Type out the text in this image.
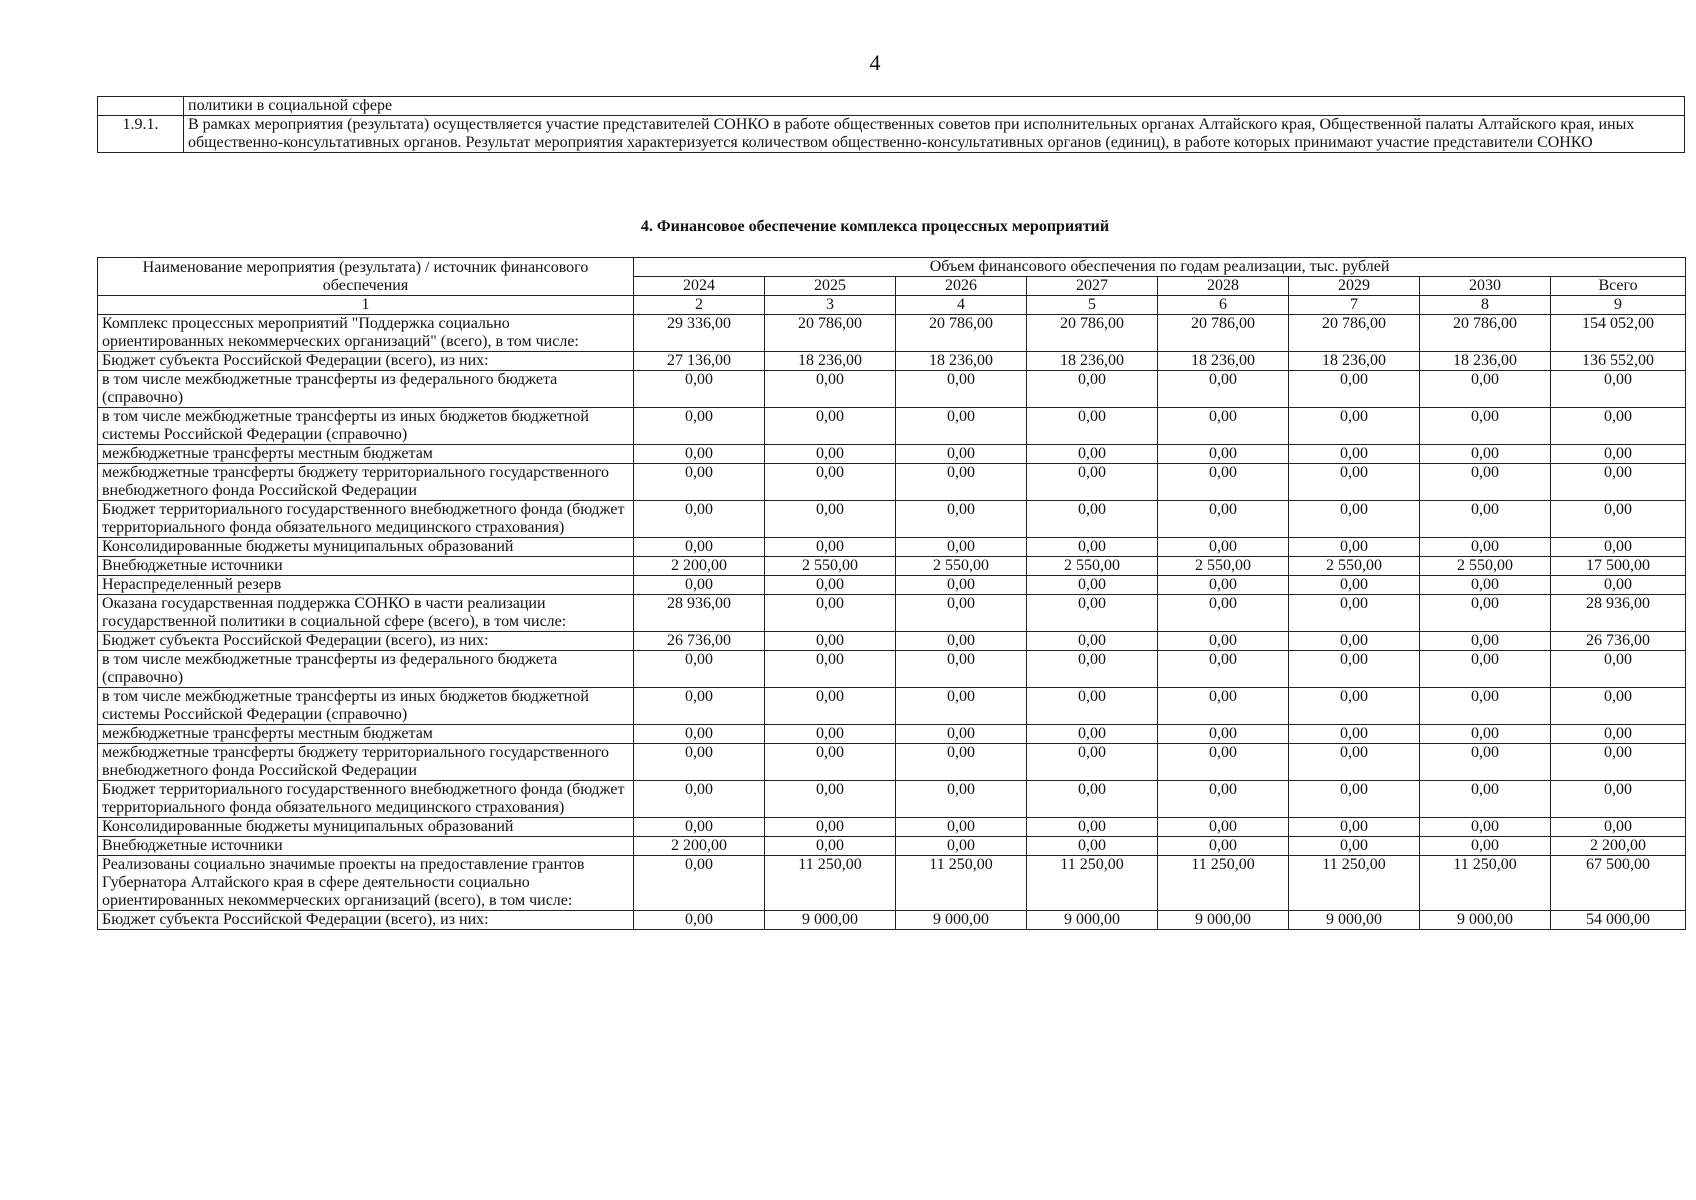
4
	политики в социальной сфере
1.9.1.	В рамках мероприятия (результата) осуществляется участие представителей СОНКО в работе общественных советов при исполнительных органах Алтайского края, Общественной палаты Алтайского края, иных общественно-консультативных органов. Результат мероприятия характеризуется количеством общественно-консультативных органов (единиц), в работе которых принимают участие представители СОНКО
4. Финансовое обеспечение комплекса процессных мероприятий
Наименование мероприятия (результата) / источник финансового обеспечения	Объем финансового обеспечения по годам реализации, тыс. рублей							
	2024	2025	2026	2027	2028	2029	2030	Всего
1	2	3	4	5	6	7	8	9
Комплекс процессных мероприятий "Поддержка социально ориентированных некоммерческих организаций" (всего), в том числе:	29 336,00	20 786,00	20 786,00	20 786,00	20 786,00	20 786,00	20 786,00	154 052,00
Бюджет субъекта Российской Федерации (всего), из них:	27 136,00	18 236,00	18 236,00	18 236,00	18 236,00	18 236,00	18 236,00	136 552,00
в том числе межбюджетные трансферты из федерального бюджета (справочно)	0,00	0,00	0,00	0,00	0,00	0,00	0,00	0,00
в том числе межбюджетные трансферты из иных бюджетов бюджетной системы Российской Федерации (справочно)	0,00	0,00	0,00	0,00	0,00	0,00	0,00	0,00
межбюджетные трансферты местным бюджетам	0,00	0,00	0,00	0,00	0,00	0,00	0,00	0,00
межбюджетные трансферты бюджету территориального государственного внебюджетного фонда Российской Федерации	0,00	0,00	0,00	0,00	0,00	0,00	0,00	0,00
Бюджет территориального государственного внебюджетного фонда (бюджет территориального фонда обязательного медицинского страхования)	0,00	0,00	0,00	0,00	0,00	0,00	0,00	0,00
Консолидированные бюджеты муниципальных образований	0,00	0,00	0,00	0,00	0,00	0,00	0,00	0,00
Внебюджетные источники	2 200,00	2 550,00	2 550,00	2 550,00	2 550,00	2 550,00	2 550,00	17 500,00
Нераспределенный резерв	0,00	0,00	0,00	0,00	0,00	0,00	0,00	0,00
Оказана государственная поддержка СОНКО в части реализации государственной политики в социальной сфере (всего), в том числе:	28 936,00	0,00	0,00	0,00	0,00	0,00	0,00	28 936,00
Бюджет субъекта Российской Федерации (всего), из них:	26 736,00	0,00	0,00	0,00	0,00	0,00	0,00	26 736,00
в том числе межбюджетные трансферты из федерального бюджета (справочно)	0,00	0,00	0,00	0,00	0,00	0,00	0,00	0,00
в том числе межбюджетные трансферты из иных бюджетов бюджетной системы Российской Федерации (справочно)	0,00	0,00	0,00	0,00	0,00	0,00	0,00	0,00
межбюджетные трансферты местным бюджетам	0,00	0,00	0,00	0,00	0,00	0,00	0,00	0,00
межбюджетные трансферты бюджету территориального государственного внебюджетного фонда Российской Федерации	0,00	0,00	0,00	0,00	0,00	0,00	0,00	0,00
Бюджет территориального государственного внебюджетного фонда (бюджет территориального фонда обязательного медицинского страхования)	0,00	0,00	0,00	0,00	0,00	0,00	0,00	0,00
Консолидированные бюджеты муниципальных образований	0,00	0,00	0,00	0,00	0,00	0,00	0,00	0,00
Внебюджетные источники	2 200,00	0,00	0,00	0,00	0,00	0,00	0,00	2 200,00
Реализованы социально значимые проекты на предоставление грантов Губернатора Алтайского края в сфере деятельности социально ориентированных некоммерческих организаций (всего), в том числе:	0,00	11 250,00	11 250,00	11 250,00	11 250,00	11 250,00	11 250,00	67 500,00
Бюджет субъекта Российской Федерации (всего), из них:	0,00	9 000,00	9 000,00	9 000,00	9 000,00	9 000,00	9 000,00	54 000,00
